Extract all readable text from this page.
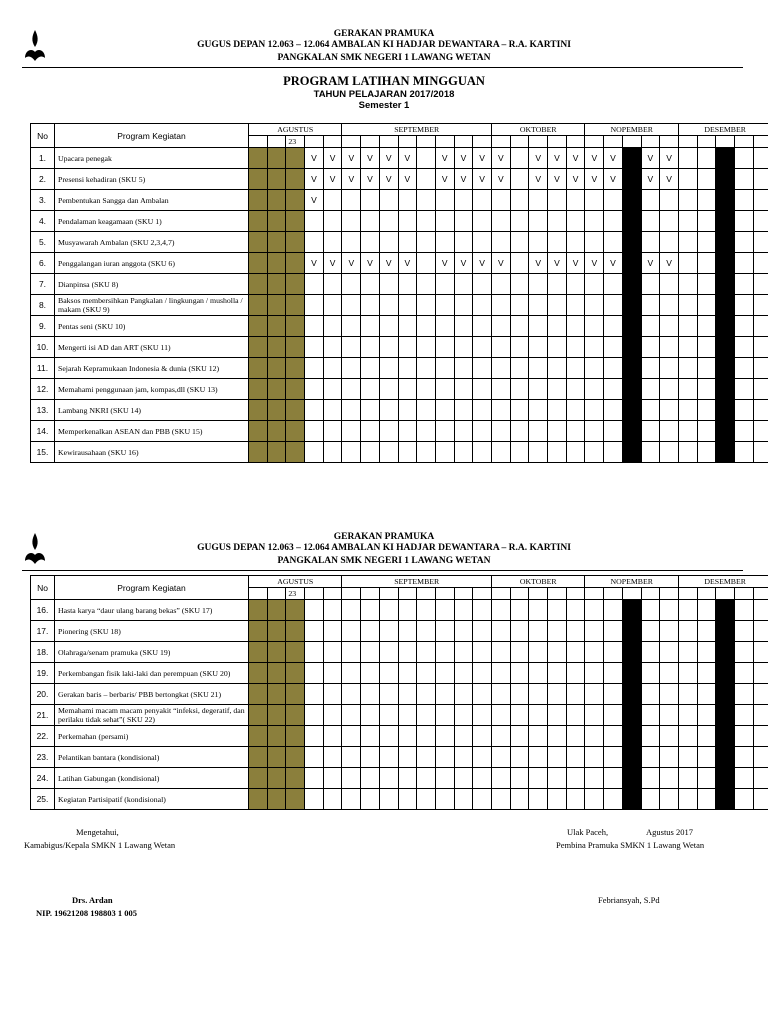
GERAKAN PRAMUKA
GUGUS DEPAN 12.063 – 12.064 AMBALAN KI HADJAR DEWANTARA – R.A. KARTINI
PANGKALAN SMK NEGERI 1 LAWANG WETAN
PROGRAM LATIHAN MINGGUAN
TAHUN PELAJARAN 2017/2018
Semester 1
No	Program Kegiatan	AGUSTUS					SEPTEMBER								OKTOBER					NOPEMBER					DESEMBER				
				23																									
1.	Upacara penegak				V	V	V	V	V	V		V	V	V	V		V	V	V	V	V		V	V					
2.	Presensi kehadiran (SKU 5)				V	V	V	V	V	V		V	V	V	V		V	V	V	V	V		V	V					
3.	Pembentukan Sangga dan Ambalan				V																								
4.	Pendalaman keagamaan (SKU 1)																												
5.	Musyawarah Ambalan (SKU 2,3,4,7)																												
6.	Penggalangan iuran anggota (SKU 6)				V	V	V	V	V	V		V	V	V	V		V	V	V	V	V		V	V					
7.	Dianpinsa (SKU 8)																												
8.	Baksos membersihkan Pangkalan / lingkungan / musholla / makam (SKU 9)																												
9.	Pentas seni (SKU 10)																												
10.	Mengerti isi AD dan ART (SKU 11)																												
11.	Sejarah Kepramukaan Indonesia & dunia (SKU 12)																												
12.	Memahami penggunaan jam, kompas,dll (SKU 13)																												
13.	Lambang NKRI (SKU 14)																												
14.	Memperkenalkan ASEAN dan PBB (SKU 15)																												
15.	Kewirausahaan (SKU 16)																												
GERAKAN PRAMUKA
GUGUS DEPAN 12.063 – 12.064 AMBALAN KI HADJAR DEWANTARA – R.A. KARTINI
PANGKALAN SMK NEGERI 1 LAWANG WETAN
No	Program Kegiatan	AGUSTUS					SEPTEMBER								OKTOBER					NOPEMBER					DESEMBER				
				23																									
16.	Hasta karya “daur ulang barang bekas” (SKU 17)																												
17.	Pionering (SKU 18)																												
18.	Olahraga/senam pramuka (SKU 19)																												
19.	Perkembangan fisik laki-laki dan perempuan (SKU 20)																												
20.	Gerakan baris – berbaris/ PBB bertongkat (SKU 21)																												
21.	Memahami macam macam penyakit “infeksi, degeratif, dan perilaku tidak sehat”( SKU 22)																												
22.	Perkemahan (persami)																												
23.	Pelantikan bantara (kondisional)																												
24.	Latihan Gabungan (kondisional)																												
25.	Kegiatan Partisipatif (kondisional)																												
Mengetahui,
Kamabigus/Kepala SMKN 1 Lawang Wetan
Drs. Ardan
NIP. 19621208 198803 1 005
Ulak Paceh,	Agustus 2017
Pembina Pramuka SMKN 1 Lawang Wetan
Febriansyah, S.Pd
